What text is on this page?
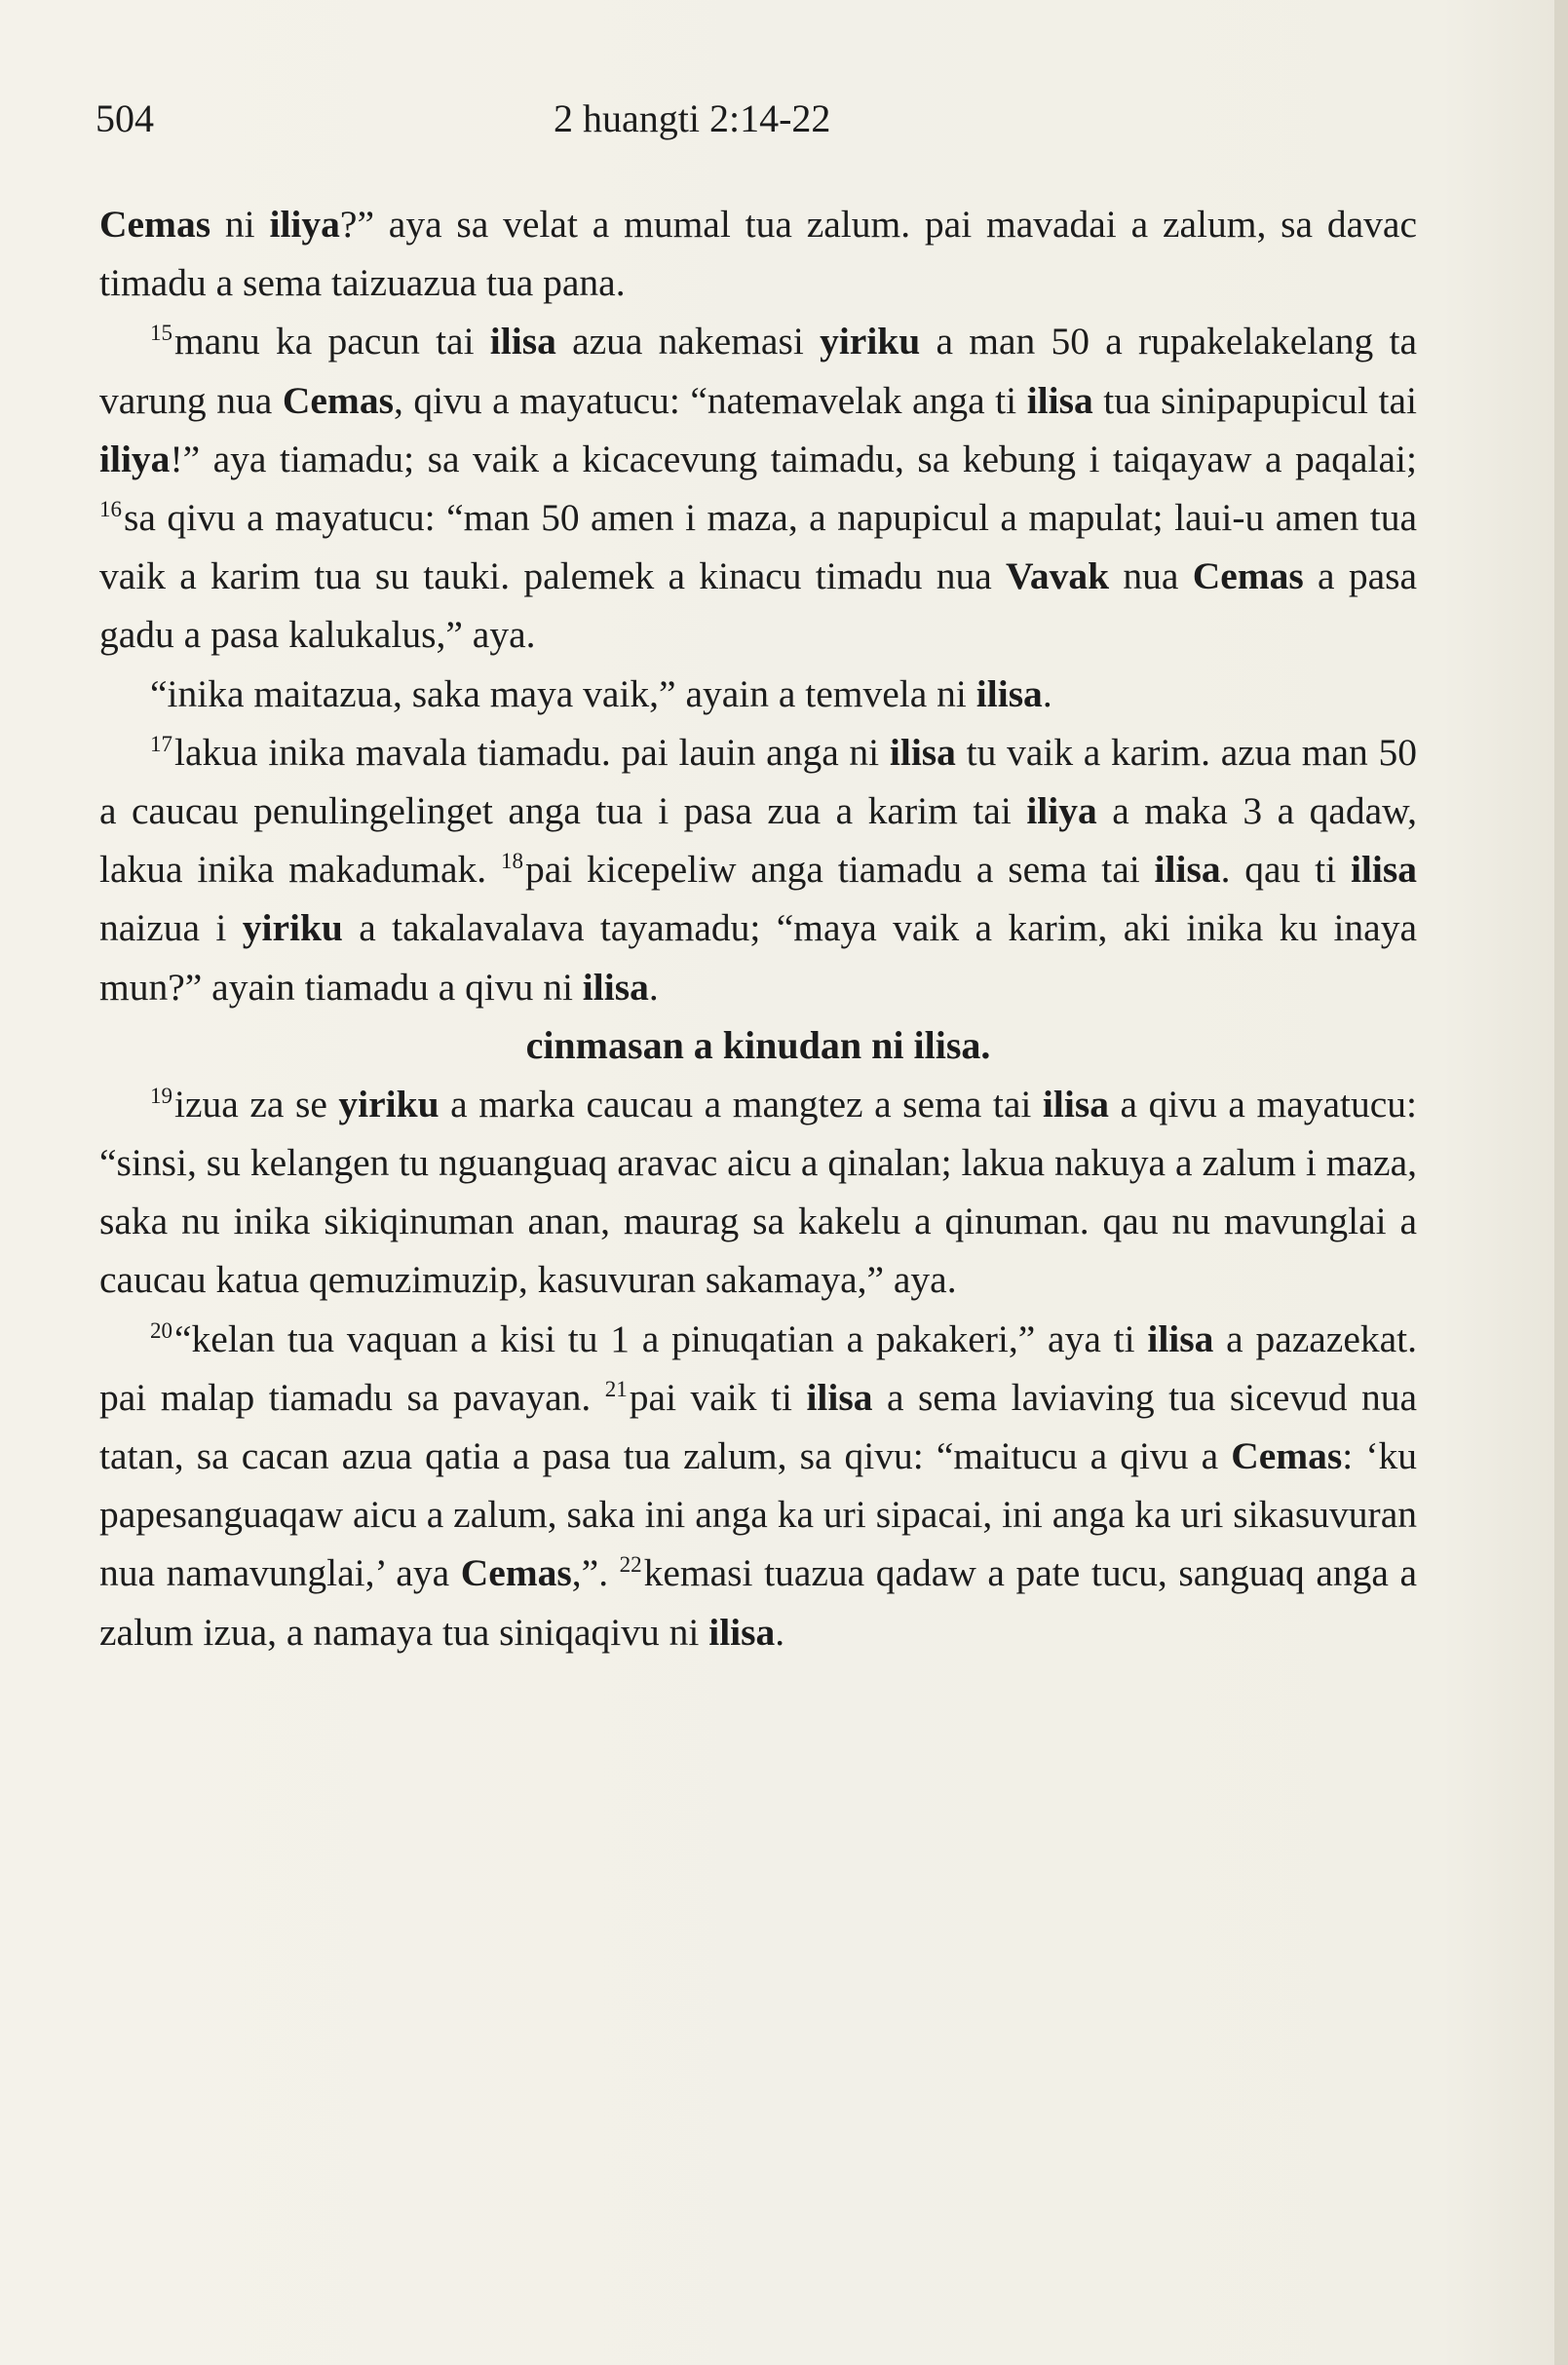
504	2 huangti 2:14-22

Cemas ni iliya?” aya sa velat a mumal tua zalum. pai mavadai a zalum, sa davac timadu a sema taizuazua tua pana.

$^{15}$manu ka pacun tai ilisa azua nakemasi yiriku a man 50 a rupakelakelang ta varung nua Cemas, qivu a mayatucu: “natemavelak anga ti ilisa tua sinipapupicul tai iliya!” aya tiamadu; sa vaik a kicacevung taimadu, sa kebung i taiqayaw a paqalai; $^{16}$sa qivu a mayatucu: “man 50 amen i maza, a napupicul a mapulat; laui-u amen tua vaik a karim tua su tauki. palemek a kinacu timadu nua Vavak nua Cemas a pasa gadu a pasa kalukalus,” aya.

“inika maitazua, saka maya vaik,” ayain a temvela ni ilisa.

$^{17}$lakua inika mavala tiamadu. pai lauin anga ni ilisa tu vaik a karim. azua man 50 a caucau penulingelinget anga tua i pasa zua a karim tai iliya a maka 3 a qadaw, lakua inika makadumak. $^{18}$pai kicepeliw anga tiamadu a sema tai ilisa. qau ti ilisa naizua i yiriku a takalavalava tayamadu; “maya vaik a karim, aki inika ku inaya mun?” ayain tiamadu a qivu ni ilisa.

cinmasan a kinudan ni ilisa.

$^{19}$izua za se yiriku a marka caucau a mangtez a sema tai ilisa a qivu a mayatucu: “sinsi, su kelangen tu nguanguaq aravac aicu a qinalan; lakua nakuya a zalum i maza, saka nu inika sikiqinuman anan, maurag sa kakelu a qinuman. qau nu mavunglai a caucau katua qemuzimuzip, kasuvuran sakamaya,” aya.

$^{20}$“kelan tua vaquan a kisi tu 1 a pinuqatian a pakakeri,” aya ti ilisa a pazazekat. pai malap tiamadu sa pavayan. $^{21}$pai vaik ti ilisa a sema laviaving tua sicevud nua tatan, sa cacan azua qatia a pasa tua zalum, sa qivu: “maitucu a qivu a Cemas: ‘ku papesanguaqaw aicu a zalum, saka ini anga ka uri sipacai, ini anga ka uri sikasuvuran nua namavunglai,’ aya Cemas,”. $^{22}$kemasi tuazua qadaw a pate tucu, sanguaq anga a zalum izua, a namaya tua siniqaqivu ni ilisa.
